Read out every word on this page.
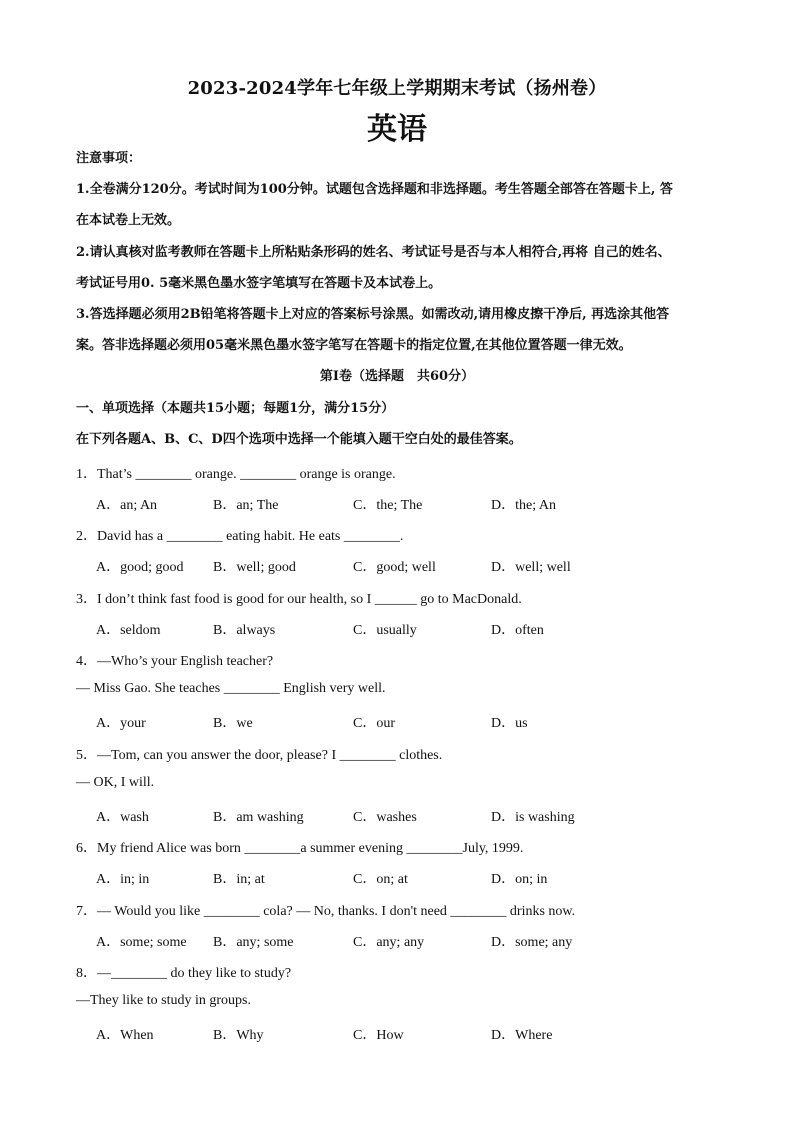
2023-2024学年七年级上学期期末考试（扬州卷）
英语
注意事项：
1.全卷满分120分。考试时间为100分钟。试题包含选择题和非选择题。考生答题全部答在答题卡上, 答
在本试卷上无效。
2.请认真核对监考教师在答题卡上所粘贴条形码的姓名、考试证号是否与本人相符合,再将 自己的姓名、
考试证号用0. 5毫米黑色墨水签字笔填写在答题卡及本试卷上。
3.答选择题必须用2B铅笔将答题卡上对应的答案标号涂黑。如需改动,请用橡皮擦干净后, 再选涂其他答
案。答非选择题必须用05毫米黑色墨水签字笔写在答题卡的指定位置,在其他位置答题一律无效。
第I卷（选择题　共60分）
一、单项选择（本题共15小题；每题1分，满分15分）
在下列各题A、B、C、D四个选项中选择一个能填入题干空白处的最佳答案。
1．That’s ________ orange. ________ orange is orange.
A．an; An	B．an; The	C．the; The	D．the; An
2．David has a ________ eating habit. He eats ________.
A．good; good B．well; good	C．good; well	D．well; well
3．I don’t think fast food is good for our health, so I ______ go to MacDonald.
A．seldom	B．always	C．usually	D．often
4．—Who’s your English teacher?
— Miss Gao. She teaches ________ English very well.
A．your	B．we	C．our	D．us
5．—Tom, can you answer the door, please? I ________ clothes.
— OK, I will.
A．wash	B．am washing	C．washes	D．is washing
6．My friend Alice was born ________a summer evening ________July, 1999.
A．in; in	B．in; at	C．on; at	D．on; in
7．— Would you like ________ cola? — No, thanks. I don't need ________ drinks now.
A．some; some B．any; some	C．any; any	D．some; any
8．—________ do they like to study?
—They like to study in groups.
A．When	B．Why	C．How	D．Where
